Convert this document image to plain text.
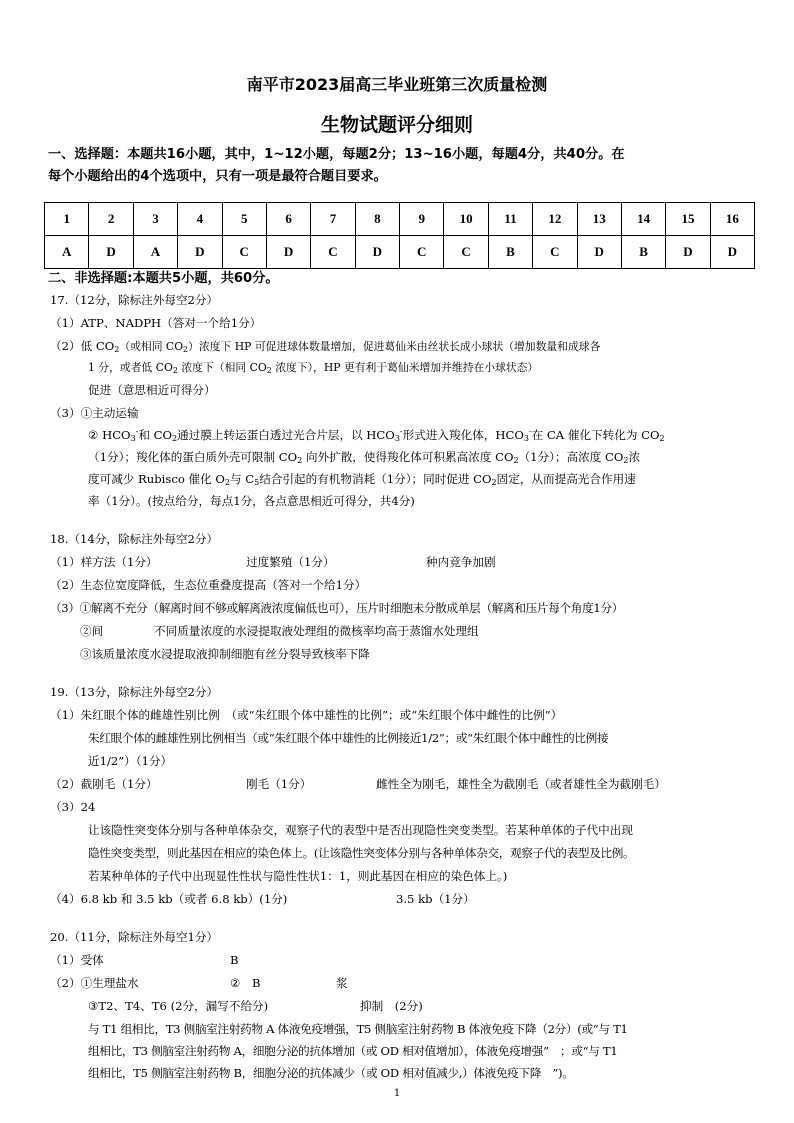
南平市2023届高三毕业班第三次质量检测
生物试题评分细则
一、选择题：本题共16小题，其中，1~12小题，每题2分；13~16小题，每题4分，共40分。在
每个小题给出的4个选项中，只有一项是最符合题目要求。
1	2	3	4	5	6	7	8	9	10	11	12	13	14	15	16
A	D	A	D	C	D	C	D	C	C	B	C	D	B	D	D
二、非选择题:本题共5小题，共60分。
17.（12分，除标注外每空2分）
（1）ATP、NADPH（答对一个给1分）
（2）低 $CO_2$（或相同 $CO_2$）浓度下 HP 可促进球体数量增加，促进葛仙米由丝状长成小球状（增加数量和成球各
1 分，或者低 $CO_2$ 浓度下（相同 $CO_2$ 浓度下），HP 更有利于葛仙米增加并维持在小球状态）
促进（意思相近可得分）
（3）①主动运输
② $HCO_3^-$和 $CO_2$通过膜上转运蛋白透过光合片层，以 $HCO_3^-$形式进入羧化体，$HCO_3^-$在 CA 催化下转化为 $CO_2$
（1分）；羧化体的蛋白质外壳可限制 $CO_2$ 向外扩散，使得羧化体可积累高浓度 $CO_2(1$分）；高浓度 $CO_2$浓
度可减少 Rubisco 催化 $O_2$与 $C_5$结合引起的有机物消耗（1分）；同时促进 $CO_2$固定，从而提高光合作用速
率（1分）。(按点给分，每点1分，各点意思相近可得分，共4分)
18.（14分，除标注外每空2分）
（1）样方法（1分）	过度繁殖（1分）	种内竞争加剧
（2）生态位宽度降低，生态位重叠度提高（答对一个给1分）
（3）①解离不充分（解离时间不够或解离液浓度偏低也可），压片时细胞未分散成单层（解离和压片每个角度1分）
②间	不同质量浓度的水浸提取液处理组的微核率均高于蒸馏水处理组
③该质量浓度水浸提取液抑制细胞有丝分裂导致核率下降
19.（13分，除标注外每空2分）
（1）朱红眼个体的雌雄性别比例　（或“朱红眼个体中雄性的比例”；或“朱红眼个体中雌性的比例”）
朱红眼个体的雌雄性别比例相当（或“朱红眼个体中雄性的比例接近1/2”；或“朱红眼个体中雌性的比例接
近1/2”）（1分）
（2）截刚毛（1分）	刚毛（1分）	雌性全为刚毛，雄性全为截刚毛（或者雄性全为截刚毛）
（3）24
让该隐性突变体分别与各种单体杂交，观察子代的表型中是否出现隐性突变类型。若某种单体的子代中出现
隐性突变类型，则此基因在相应的染色体上。(让该隐性突变体分别与各种单体杂交，观察子代的表型及比例。
若某种单体的子代中出现显性性状与隐性性状1：1，则此基因在相应的染色体上。)
（4）6.8 kb 和 3.5 kb（或者 6.8 kb）(1分)	3.5 kb（1分）
20.（11分，除标注外每空1分）
（1）受体	B
（2）①生理盐水	②　B	浆
③T2、T4、T6 (2分，漏写不给分)	抑制　(2分)
与 T1 组相比，T3 侧脑室注射药物 A 体液免疫增强，T5 侧脑室注射药物 B 体液免疫下降（2分）(或“与 T1
组相比，T3 侧脑室注射药物 A，细胞分泌的抗体增加（或 OD 相对值增加），体液免疫增强”　；或“与 T1
组相比，T5 侧脑室注射药物 B，细胞分泌的抗体减少（或 OD 相对值减少,）体液免疫下降　”)。
1
